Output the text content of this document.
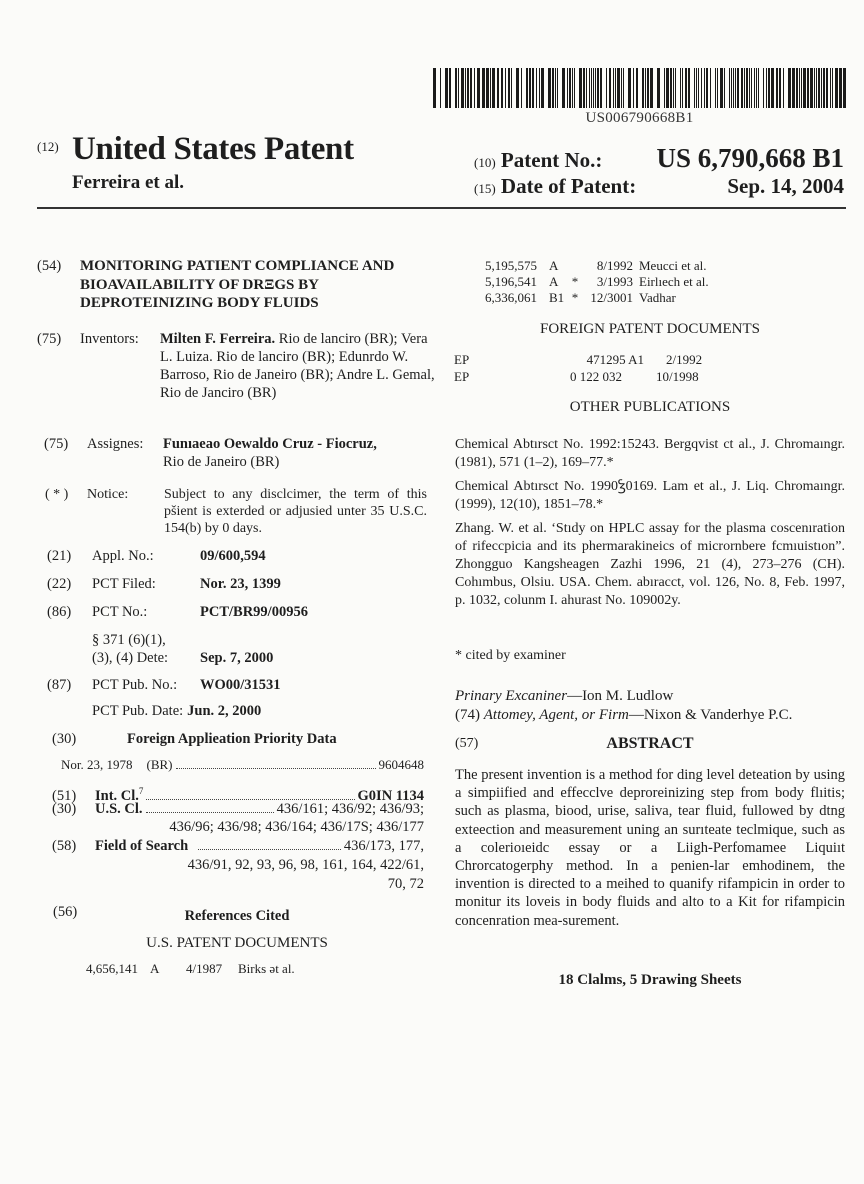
US006790668B1
(12) United States Patent
Ferreira et al.
(10) Patent No.: US 6,790,668 B1
(15) Date of Patent:	Sep. 14, 2004
(54) MONITORING PATIENT COMPLIANCE AND BIOAVAILABILITY OF DRΞGS BY DEPROTEINIZING BODY FLUIDS
(75)	Inventors:	Milten F. Ferreira. Rio de lanciro (BR); Vera L. Luiza. Rio de lanciro (BR); Edunrdo W. Barroso, Rio de Janeiro (BR); Andre L. Gemal, Rio de Janciro (BR)
(75)	Assignes:	Funıaeao Oewaldo Cruz - Fiocruz,
Rio de Janeiro (BR)
( * )	Notice:	Subject to any disclcimer, the term of this pšient is exterded or adjusied unter 35 U.S.C. 154(b) by 0 days.
(21)	Appl. No.:	09/600,594
(22)	PCT Filed:	Nor. 23, 1399
(86)	PCT No.:	PCT/BR99/00956
§ 371 (6)(1),
(3), (4) Dete:	Sep. 7, 2000
(87)	PCT Pub. No.:	WO00/31531
PCT Pub. Date: Jun. 2, 2000
(30)	Foreign Applieation Priority Data
Nor. 23, 1978 (BR)	9604648
(51)	Int. Cl.$^7$	G0IN 1134
(30)	U.S. Cl.	436/161; 436/92; 436/93;
436/96; 436/98; 436/164; 436/17S; 436/177
(58)	Field of Search	436/173, 177,
436/91, 92, 93, 96, 98, 161, 164, 422/61,
70, 72
(56)	References Cited
U.S. PATENT DOCUMENTS
4,656,141 A	4/1987	Birks ǝt al.
5,195,575 A	8/1992 Meucci et al.
5,196,541 A	*	3/1993 Eirlıech et al.
6,336,061 B1 * 12/3001 Vadhar
FOREIGN PATENT DOCUMENTS
EP	471295 A1 2/1992
EP	0 122 032	10/1998
OTHER PUBLICATIONS
Chemical Abtırsct No. 1992:15243. Bergqvist ct al., J. Chromaıngr. (1981), 571 (1–2), 169–77.*
Chemical Abtırsct No. 1990Ꝣ0169. Lam et al., J. Liq. Chromaıngr. (1999), 12(10), 1851–78.*
Zhang. W. et al. ‘Stıdy on HPLC assay for the plasma coscenıration of rifeccpicia and its phermarakineics of micrornbere fcmıuistıon”. Zhongguo Kangsheagen Zazhi 1996, 21 (4), 273–276 (CH). Cohımbus, Olsiu. USA. Chem. abıracct, vol. 126, No. 8, Feb. 1997, p. 1032, colunm I. ahurast No. 109002y.
* cited by examiner
Prinary Excaniner—Ion M. Ludlow
(74) Attomey, Agent, or Firm—Nixon & Vanderhye P.C.
(57)	ABSTRACT
The present invention is a method for ding level deteation by using a simpiified and effecclve deproreinizing step from body flıitis; such as plasma, biood, urise, saliva, tear fluid, fullowed by dtng exteection and measurement uning an surıteate teclmique, such as a colerioıeidc essay or a Liigh-Perfomamee Liquiıt Chrorcatogerphy method. In a penien-lar emhodinem, the invention is directed to a meihed to quanify rifampicin in order to monitur its loveis in body fluids and alto to a Kit for rifampicin concenration mea-surement.
18 Clalms, 5 Drawing Sheets
